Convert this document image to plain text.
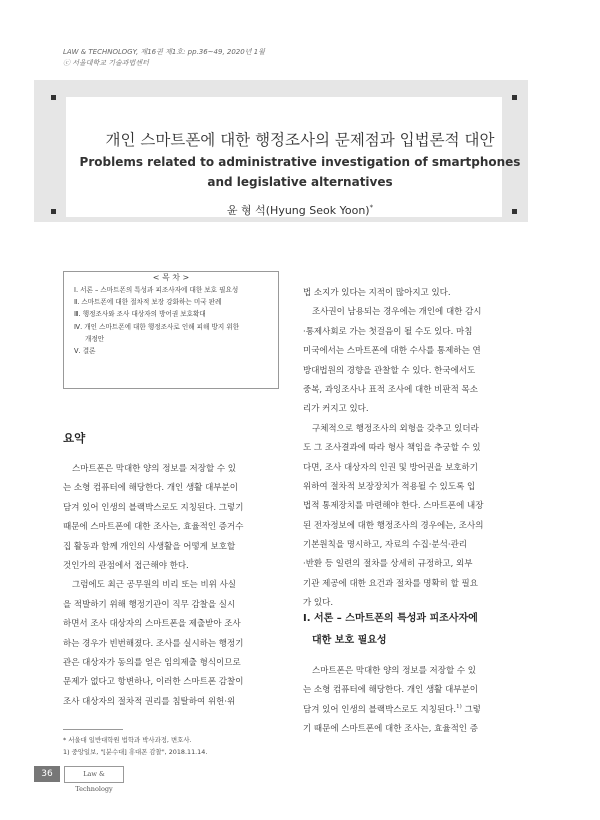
LAW & TECHNOLOGY, 제16권 제1호: pp.36~49, 2020년 1월
ⓒ 서울대학교 기술과법센터
개인 스마트폰에 대한 행정조사의 문제점과 입법론적 대안
Problems related to administrative investigation of smartphones and legislative alternatives
윤 형 석(Hyung Seok Yoon)*
< 목 차 >
Ⅰ. 서론 – 스마트폰의 특성과 피조사자에 대한 보호 필요성
Ⅱ. 스마트폰에 대한 절차적 보장 강화하는 미국 판례
Ⅲ. 행정조사와 조사 대상자의 방어권 보호확대
Ⅳ. 개인 스마트폰에 대한 행정조사로 인해 피해 방지 위한
개정안
Ⅴ. 결론
요약
스마트폰은 막대한 양의 정보를 저장할 수 있
는 소형 컴퓨터에 해당한다. 개인 생활 대부분이
담겨 있어 인생의 블랙박스로도 지칭된다. 그렇기
때문에 스마트폰에 대한 조사는, 효율적인 증거수
집 활동과 함께 개인의 사생활을 어떻게 보호할
것인가의 관점에서 접근해야 한다.
그럼에도 최근 공무원의 비리 또는 비위 사실
을 적발하기 위해 행정기관이 직무 감찰을 실시
하면서 조사 대상자의 스마트폰을 제출받아 조사
하는 경우가 빈번해졌다. 조사를 실시하는 행정기
관은 대상자가 동의를 얻은 임의제출 형식이므로
문제가 없다고 항변하나, 이러한 스마트폰 감찰이
조사 대상자의 절차적 권리를 침탈하여 위헌·위
법 소지가 있다는 지적이 많아지고 있다.
조사권이 남용되는 경우에는 개인에 대한 감시
·통제사회로 가는 첫걸음이 될 수도 있다. 마침
미국에서는 스마트폰에 대한 수사를 통제하는 연
방대법원의 경향을 관찰할 수 있다. 한국에서도
중복, 과잉조사나 표적 조사에 대한 비판적 목소
리가 커지고 있다.
구체적으로 행정조사의 외형을 갖추고 있더라
도 그 조사결과에 따라 형사 책임을 추궁할 수 있
다면, 조사 대상자의 인권 및 방어권을 보호하기
위하여 절차적 보장장치가 적용될 수 있도록 입
법적 통제장치를 마련해야 한다. 스마트폰에 내장
된 전자정보에 대한 행정조사의 경우에는, 조사의
기본원칙을 명시하고, 자료의 수집·분석·관리
·반환 등 일련의 절차를 상세히 규정하고, 외부
기관 제공에 대한 요건과 절차를 명확히 할 필요
가 있다.
Ⅰ. 서론 – 스마트폰의 특성과 피조사자에
대한 보호 필요성
스마트폰은 막대한 양의 정보를 저장할 수 있
는 소형 컴퓨터에 해당한다. 개인 생활 대부분이
담겨 있어 인생의 블랙박스로도 지칭된다.$^{1)}$ 그렇
기 때문에 스마트폰에 대한 조사는, 효율적인 증
* 서울대 일반대학원 법학과 박사과정, 변호사.
1) 중앙일보, "[분수대] 휴대폰 감찰", 2018.11.14.
36	Law & Technology
